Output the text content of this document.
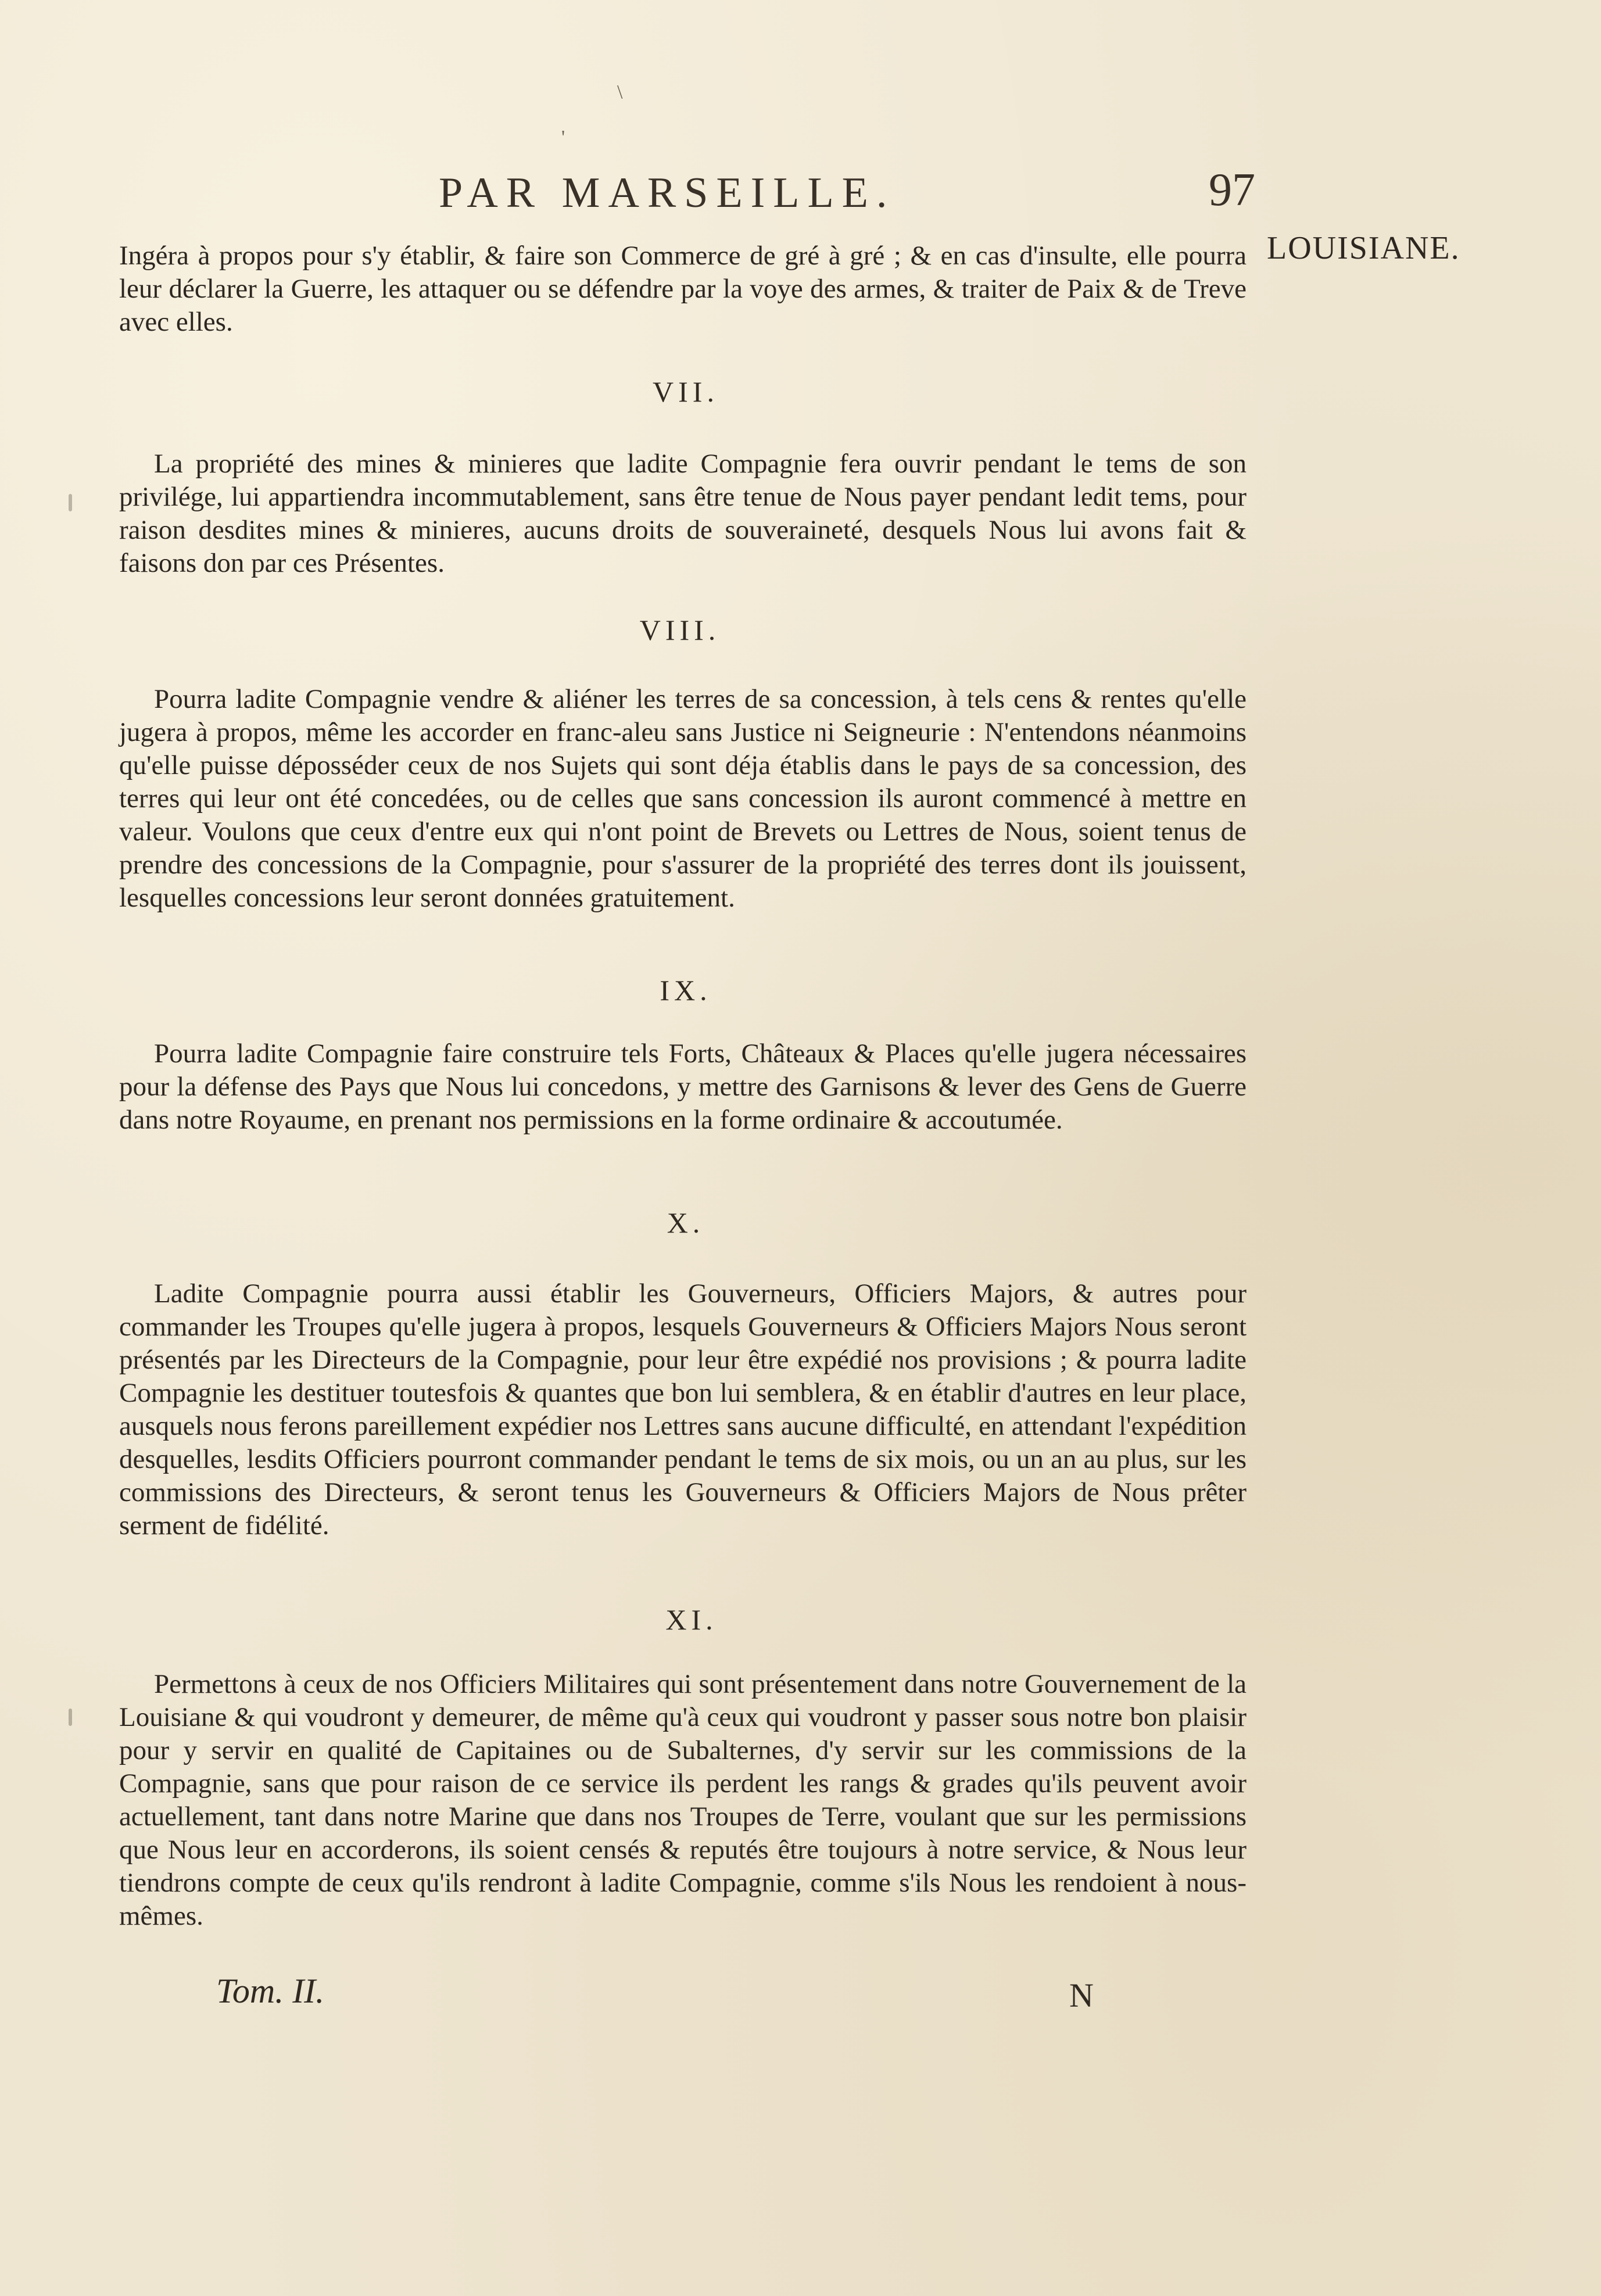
\
'
PAR MARSEILLE.	97
LOUISIANE.

Ingéra à propos pour s'y établir, & faire son Commerce de gré à gré ; & en cas d'insulte, elle pourra leur déclarer la Guerre, les attaquer ou se défendre par la voye des armes, & traiter de Paix & de Treve avec elles.

VII.

La propriété des mines & minieres que ladite Compagnie fera ouvrir pendant le tems de son privilége, lui appartiendra incommutablement, sans être tenue de Nous payer pendant ledit tems, pour raison desdites mines & minieres, aucuns droits de souveraineté, desquels Nous lui avons fait & faisons don par ces Présentes.

VIII.

Pourra ladite Compagnie vendre & aliéner les terres de sa concession, à tels cens & rentes qu'elle jugera à propos, même les accorder en franc-aleu sans Justice ni Seigneurie : N'entendons néanmoins qu'elle puisse déposséder ceux de nos Sujets qui sont déja établis dans le pays de sa concession, des terres qui leur ont été concedées, ou de celles que sans concession ils auront commencé à mettre en valeur. Voulons que ceux d'entre eux qui n'ont point de Brevets ou Lettres de Nous, soient tenus de prendre des concessions de la Compagnie, pour s'assurer de la propriété des terres dont ils jouissent, lesquelles concessions leur seront données gratuitement.

IX.

Pourra ladite Compagnie faire construire tels Forts, Châteaux & Places qu'elle jugera nécessaires pour la défense des Pays que Nous lui concedons, y mettre des Garnisons & lever des Gens de Guerre dans notre Royaume, en prenant nos permissions en la forme ordinaire & accoutumée.

X.

Ladite Compagnie pourra aussi établir les Gouverneurs, Officiers Majors, & autres pour commander les Troupes qu'elle jugera à propos, lesquels Gouverneurs & Officiers Majors Nous seront présentés par les Directeurs de la Compagnie, pour leur être expédié nos provisions ; & pourra ladite Compagnie les destituer toutesfois & quantes que bon lui semblera, & en établir d'autres en leur place, ausquels nous ferons pareillement expédier nos Lettres sans aucune difficulté, en attendant l'expédition desquelles, lesdits Officiers pourront commander pendant le tems de six mois, ou un an au plus, sur les commissions des Directeurs, & seront tenus les Gouverneurs & Officiers Majors de Nous prêter serment de fidélité.

XI.

Permettons à ceux de nos Officiers Militaires qui sont présentement dans notre Gouvernement de la Louisiane & qui voudront y demeurer, de même qu'à ceux qui voudront y passer sous notre bon plaisir pour y servir en qualité de Capitaines ou de Subalternes, d'y servir sur les commissions de la Compagnie, sans que pour raison de ce service ils perdent les rangs & grades qu'ils peuvent avoir actuellement, tant dans notre Marine que dans nos Troupes de Terre, voulant que sur les permissions que Nous leur en accorderons, ils soient censés & reputés être toujours à notre service, & Nous leur tiendrons compte de ceux qu'ils rendront à ladite Compagnie, comme s'ils Nous les rendoient à nous-mêmes.

Tom. II.	N
